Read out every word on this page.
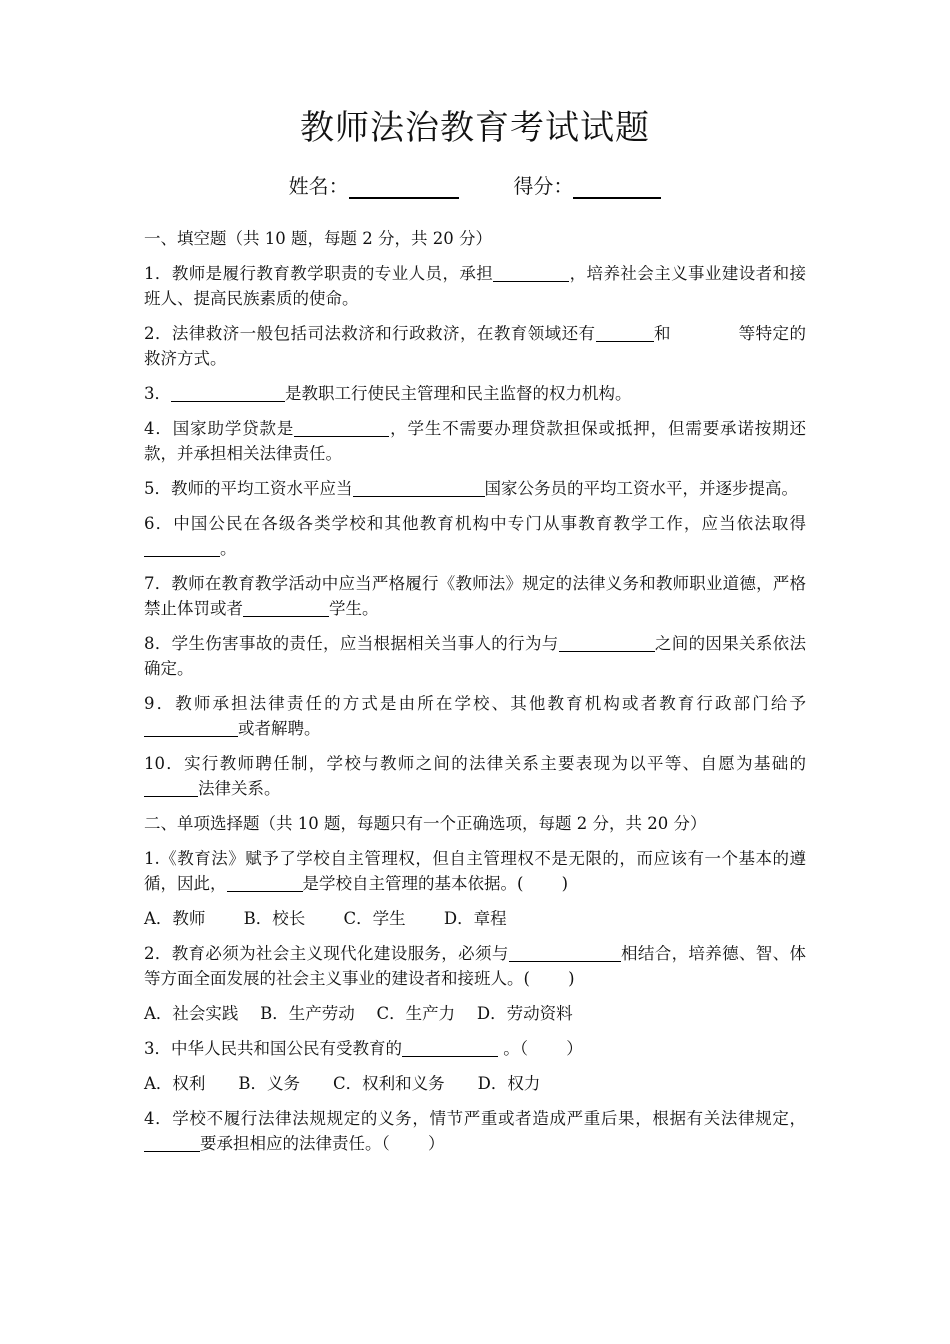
教师法治教育考试试题
姓名：	得分：
一、填空题（共 10 题，每题 2 分，共 20 分）
1．教师是履行教育教学职责的专业人员，承担	，培养社会主义事业建设者和接班人、提高民族素质的使命。
2．法律救济一般包括司法救济和行政救济，在教育领域还有	和　　　　等特定的救济方式。
3．	是教职工行使民主管理和民主监督的权力机构。
4．国家助学贷款是	，学生不需要办理贷款担保或抵押，但需要承诺按期还款，并承担相关法律责任。
5．教师的平均工资水平应当	国家公务员的平均工资水平，并逐步提高。
6．中国公民在各级各类学校和其他教育机构中专门从事教育教学工作，应当依法取得。
7．教师在教育教学活动中应当严格履行《教师法》规定的法律义务和教师职业道德，严格禁止体罚或者	学生。
8．学生伤害事故的责任，应当根据相关当事人的行为与	之间的因果关系依法确定。
9．教师承担法律责任的方式是由所在学校、其他教育机构或者教育行政部门给予 或者解聘。
10．实行教师聘任制，学校与教师之间的法律关系主要表现为以平等、自愿为基础的法律关系。
二、单项选择题（共 10 题，每题只有一个正确选项，每题 2 分，共 20 分）
1.《教育法》赋予了学校自主管理权，但自主管理权不是无限的，而应该有一个基本的遵循，因此，	是学校自主管理的基本依据。(　　 )
A．教师　　 B．校长　　 C．学生　　 D．章程
2．教育必须为社会主义现代化建设服务，必须与	相结合，培养德、智、体等方面全面发展的社会主义事业的建设者和接班人。(　　 )
A．社会实践　 B．生产劳动　 C．生产力　 D．劳动资料
3．中华人民共和国公民有受教育的	。（　　 ）
A．权利　　B．义务　　C．权利和义务　　D．权力
4．学校不履行法律法规规定的义务，情节严重或者造成严重后果，根据有关法律规定，要承担相应的法律责任。（　　 ）
